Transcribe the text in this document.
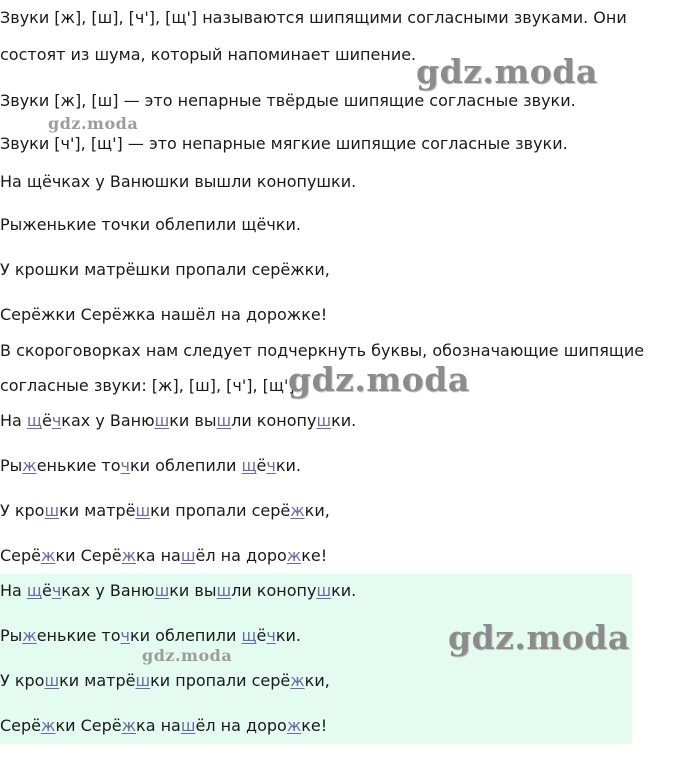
Звуки [ж], [ш], [ч'], [щ'] называются шипящими согласными звуками. Они

состоят из шума, который напоминает шипение.

Звуки [ж], [ш] — это непарные твёрдые шипящие согласные звуки.

Звуки [ч'], [щ'] — это непарные мягкие шипящие согласные звуки.

На щёчках у Ванюшки вышли конопушки.

Рыженькие точки облепили щёчки.

У крошки матрёшки пропали серёжки,

Серёжки Серёжка нашёл на дорожке!

В скороговорках нам следует подчеркнуть буквы, обозначающие шипящие

согласные звуки: [ж], [ш], [ч'], [щ'].

На щёчках у Ванюшки вышли конопушки.

Рыженькие точки облепили щёчки.

У крошки матрёшки пропали серёжки,

Серёжки Серёжка нашёл на дорожке!

На щёчках у Ванюшки вышли конопушки.

Рыженькие точки облепили щёчки.

У крошки матрёшки пропали серёжки,

Серёжки Серёжка нашёл на дорожке!

gdz.moda
gdz.moda
gdz.moda
gdz.moda
gdz.moda
